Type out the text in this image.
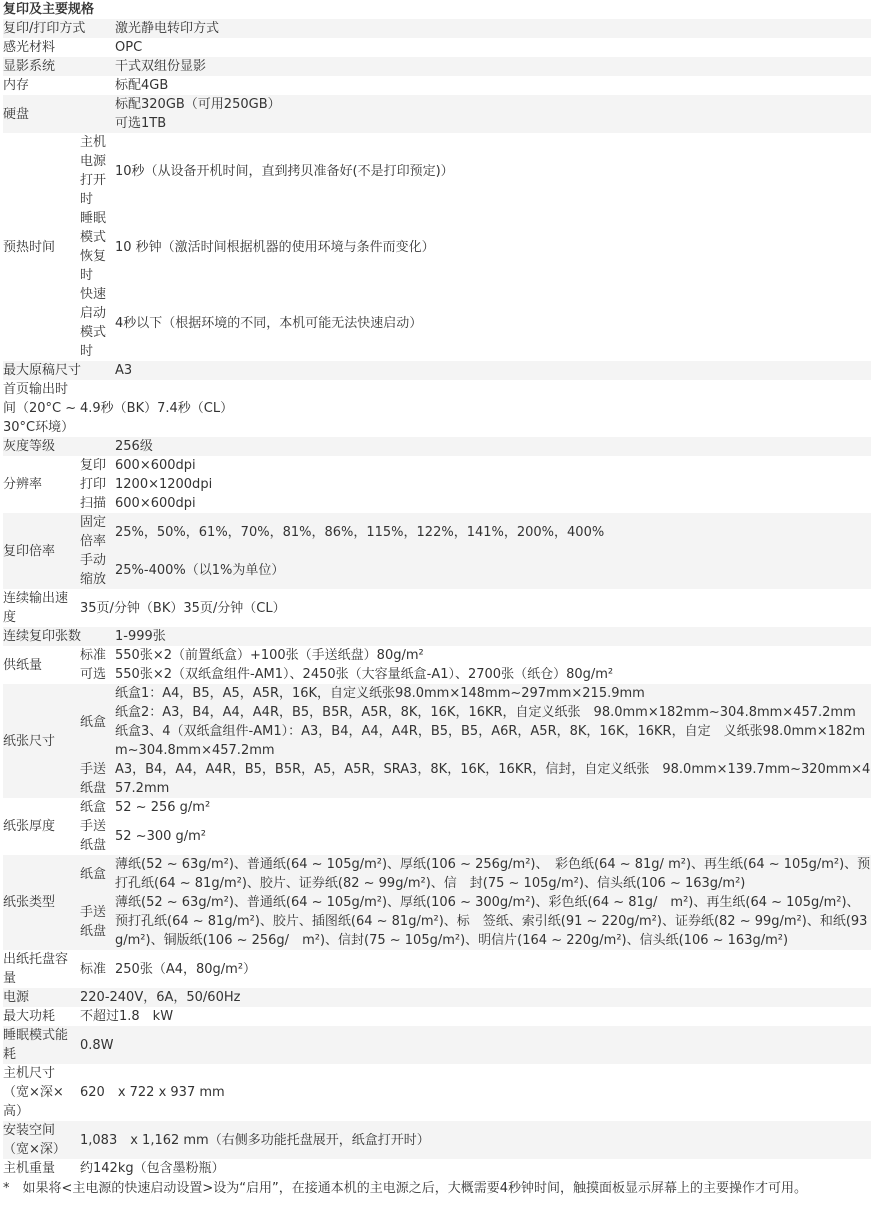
复印及主要规格		
复印/打印方式		激光静电转印方式
感光材料		OPC
显影系统		干式双组份显影
内存		标配4GB
硬盘		标配320GB（可用250GB）
可选1TB

预热时间	主机电源打开时	10秒（从设备开机时间，直到拷贝准备好(不是打印预定)）
	睡眠模式恢复时	10 秒钟（激活时间根据机器的使用环境与条件而变化）
	快速启动模式时	4秒以下（根据环境的不同，本机可能无法快速启动）
最大原稿尺寸		A3
首页输出时间（20°C ~ 30°C环境）	4.9秒（BK）7.4秒（CL）	
灰度等级		256级
分辨率	复印	600×600dpi
	打印	1200×1200dpi
	扫描	600×600dpi
复印倍率	固定倍率	25%，50%，61%，70%，81%，86%，115%，122%，141%，200%，400%
	手动缩放	25%-400%（以1%为单位）
连续输出速度	35页/分钟（BK）35页/分钟（CL）	
连续复印张数		1-999张
供纸量	标准	550张×2（前置纸盒）+100张（手送纸盘）80g/m²
	可选	550张×2（双纸盒组件-AM1）、2450张（大容量纸盒-A1）、2700张（纸仓）80g/m²
纸张尺寸	纸盒	纸盒1：A4，B5，A5，A5R，16K，自定义纸张98.0mm×148mm~297mm×215.9mm
纸盒2：A3，B4，A4，A4R，B5，B5R，A5R，8K，16K，16KR，自定义纸张　98.0mm×182mm~304.8mm×457.2mm
纸盒3、4（双纸盒组件-AM1）：A3，B4，A4，A4R，B5，B5，A6R，A5R，8K，16K，16KR，自定　义纸张98.0mm×182mm~304.8mm×457.2mm

	手送纸盘	A3，B4，A4，A4R，B5，B5R，A5，A5R，SRA3，8K，16K，16KR，信封，自定义纸张　98.0mm×139.7mm~320mm×457.2mm
纸张厚度	纸盒	52 ~ 256 g/m²
	手送纸盘	52 ~300 g/m²
纸张类型	纸盒	薄纸(52 ~ 63g/m²)、普通纸(64 ~ 105g/m²)、厚纸(106 ~ 256g/m²)、　彩色纸(64 ~ 81g/ m²)、再生纸(64 ~ 105g/m²)、预打孔纸(64 ~ 81g/m²)、胶片、证券纸(82 ~ 99g/m²)、信　封(75 ~ 105g/m²)、信头纸(106 ~ 163g/m²)
	手送纸盘	薄纸(52 ~ 63g/m²)、普通纸(64 ~ 105g/m²)、厚纸(106 ~ 300g/m²)、彩色纸(64 ~ 81g/　m²)、再生纸(64 ~ 105g/m²)、预打孔纸(64 ~ 81g/m²)、胶片、插图纸(64 ~ 81g/m²)、标　签纸、索引纸(91 ~ 220g/m²)、证券纸(82 ~ 99g/m²)、和纸(93g/m²)、铜版纸(106 ~ 256g/　m²)、信封(75 ~ 105g/m²)、明信片(164 ~ 220g/m²)、信头纸(106 ~ 163g/m²)
出纸托盘容量	标准	250张（A4，80g/m²）
电源	220-240V，6A，50/60Hz	
最大功耗	不超过1.8　kW	
睡眠模式能耗	0.8W	
主机尺寸（宽×深×高）	620　x 722 x 937 mm	
安装空间（宽×深）	1,083　x 1,162 mm（右侧多功能托盘展开，纸盒打开时）	
主机重量	约142kg（包含墨粉瓶）	
*　如果将<主电源的快速启动设置>设为“启用”，在接通本机的主电源之后，大概需要4秒钟时间，触摸面板显示屏幕上的主要操作才可用。
